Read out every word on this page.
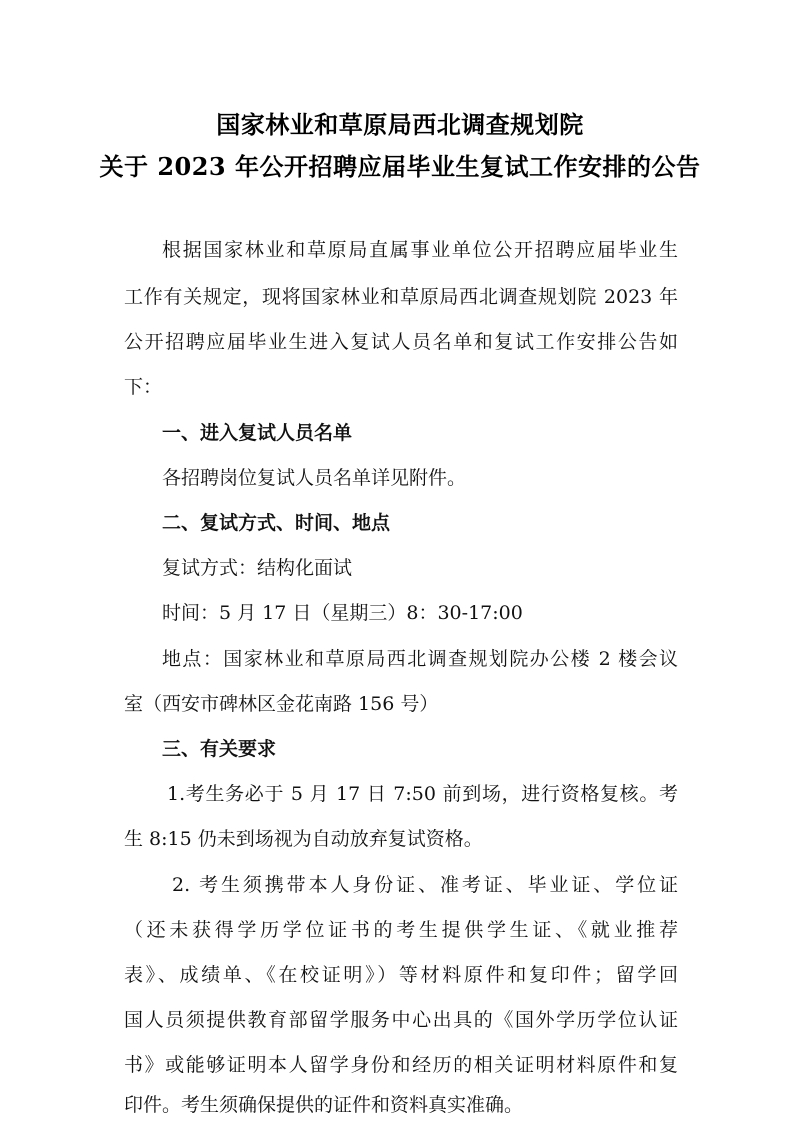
国家林业和草原局西北调查规划院
关于 2023 年公开招聘应届毕业生复试工作安排的公告
根据国家林业和草原局直属事业单位公开招聘应届毕业生
工作有关规定，现将国家林业和草原局西北调查规划院 2023 年
公开招聘应届毕业生进入复试人员名单和复试工作安排公告如
下：
一、进入复试人员名单
各招聘岗位复试人员名单详见附件。
二、复试方式、时间、地点
复试方式：结构化面试
时间：5 月 17 日（星期三）8：30-17:00
地点：国家林业和草原局西北调查规划院办公楼 2 楼会议
室（西安市碑林区金花南路 156 号）
三、有关要求
1.考生务必于 5 月 17 日 7:50 前到场，进行资格复核。考
生 8:15 仍未到场视为自动放弃复试资格。
2. 考生须携带本人身份证、准考证、毕业证、学位证
（还未获得学历学位证书的考生提供学生证、《就业推荐
表》、成绩单、《在校证明》）等材料原件和复印件；留学回
国人员须提供教育部留学服务中心出具的《国外学历学位认证
书》或能够证明本人留学身份和经历的相关证明材料原件和复
印件。考生须确保提供的证件和资料真实准确。
